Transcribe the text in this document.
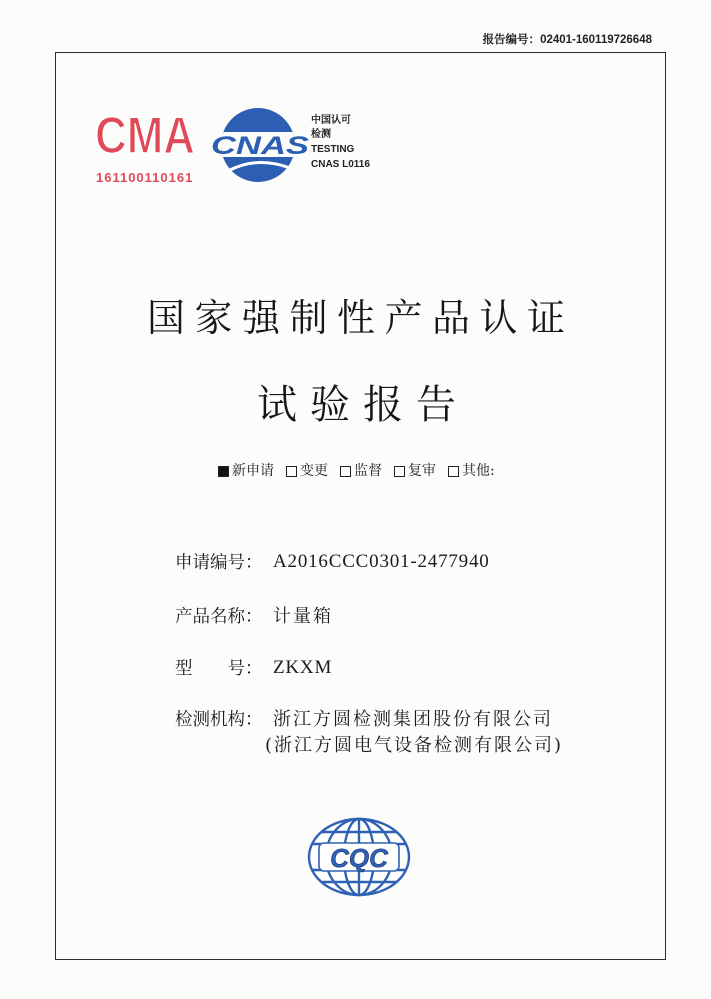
报告编号：02401-160119726648
CMA
CMA
161100110161
CNAS
中国认可
检测
TESTING
CNAS L0116
国家强制性产品认证
试验报告
新申请 变更 监督 复审 其他:
申请编号： A2016CCC0301-2477940
产品名称： 计量箱
型　　号： ZKXM
检测机构： 浙江方圆检测集团股份有限公司
(浙江方圆电气设备检测有限公司)
CQC
